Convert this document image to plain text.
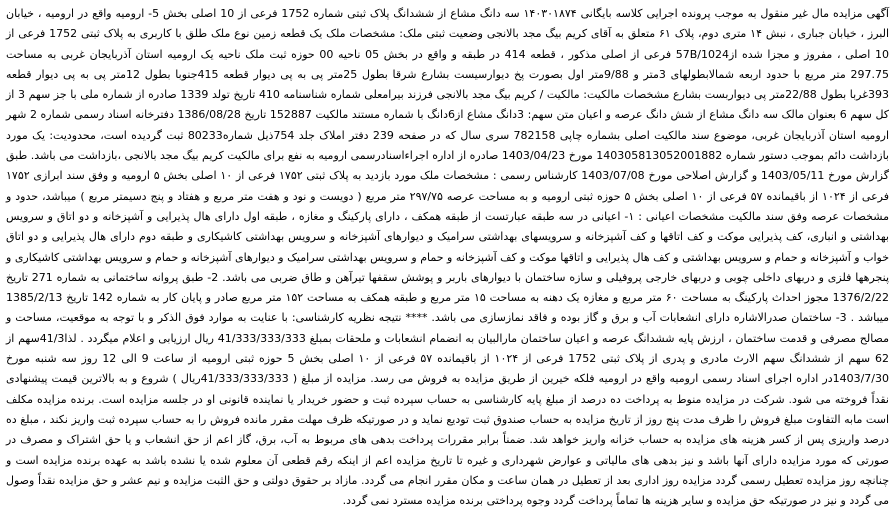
آگهی مزایده مال غیر منقول به موجب پرونده اجرایی کلاسه بایگانی ۱۴۰۳۰۱۸۷۴ سه دانگ مشاع از ششدانگ پلاک ثبتی شماره 1752 فرعی از 10 اصلی بخش 5- ارومیه واقع در ارومیه ، خیابان البرز ، خیابان جباری ، نبش ۱۴ متری دوم، پلاک ۶۱ متعلق به آقای کریم بیگ مجد بالانجی وضعیت ثبتی ملک: مشخصات ملک یک قطعه زمین نوع ملک طلق با کاربری به پلاک ثبتی 1752 فرعی از 10 اصلی ، مفروز و مجزا شده از57B/1024 فرعی از اصلی مذکور ، قطعه 414 در طبقه و واقع در بخش 05 ناحیه 00 حوزه ثبت ملک ناحیه یک ارومیه استان آذربایجان غربی به مساحت 297.75 متر مربع با حدود اربعه شمالابطولهای 3متر و 9/88متر اول بصورت پخ دیوارسیست بشارع شرقا بطول 25متر پی به پی دیوار قطعه 415جنوبا بطول 12متر پی به پی دیوار قطعه 393غربا بطول 22/88متر پی دیواربست بشارع مشخصات مالکیت: مالکیت / کریم بیگ مجد بالانجی فرزند بیرامعلی شماره شناسنامه 410 تاریخ تولد 1339 صادره از شماره ملی با جز سهم 3 از کل سهم 6 بعنوان مالک سه دانگ مشاع از شش دانگ عرصه و اعیان متن سهم: 3دانگ مشاع از6دانگ با شماره مستند مالکیت 152887 تاریخ 1386/08/28 دفترخانه اسناد رسمی شماره 2 شهر ارومیه استان آذربایجان غربی، موضوع سند مالکیت اصلی بشماره چاپی 782158 سری سال که در صفحه 239 دفتر املاک جلد 754ذیل شماره80233 ثبت گردیده است، محدودیت: یک مورد بازداشت دائم بموجب دستور شماره 140305813052001882 مورخ 1403/04/23 صادره از اداره اجراءاسنادرسمی ارومیه به نفع برای مالکیت کریم بیگ مجد بالانجی ،بازداشت می باشد. طبق گزارش مورخ 1403/05/11 و گزارش اصلاحی مورخ 1403/07/08 کارشناس رسمی : مشخصات ملک مورد بازدید به پلاک ثبتی ۱۷۵۲ فرعی از ۱۰ اصلی بخش ۵ ارومیه و وفق سند ابرازی ۱۷۵۲ فرعی از ۱۰۲۴ از باقیمانده ۵۷ فرعی از ۱۰ اصلی بخش ۵ حوزه ثبتی ارومیه و به مساحت عرصه ۲۹۷/۷۵ متر مربع ( دویست و نود و هفت متر مربع و هفتاد و پنج دسیمتر مربع ) میباشد، حدود و مشخصات عرصه وفق سند مالکیت مشخصات اعیانی : ۱- اعیانی در سه طبقه عبارتست از طبقه همکف ، دارای پارکینگ و مغازه ، طبقه اول دارای هال پذیرایی و آشپزخانه و دو اتاق و سرویس بهداشتی و انباری، کف پذیرایی موکت و کف اتاقها و کف آشپزخانه و سرویسهای بهداشتی سرامیک و دیوارهای آشپزخانه و سرویس بهداشتی کاشیکاری و طبقه دوم دارای هال پذیرایی و دو اتاق خواب و آشپزخانه و حمام و سرویس بهداشتی و کف هال پذیرایی و اتاقها موکت و کف آشپزخانه و حمام و سرویس بهداشتی سرامیک و دیوارهای آشپزخانه و حمام و سرویس بهداشتی کاشیکاری و پنجرهها فلزی و دربهای داخلی چوبی و دربهای خارجی پروفیلی و سازه ساختمان با دیوارهای باربر و پوشش سقفها تیرآهن و طاق ضربی می باشد. 2- طبق پروانه ساختمانی به شماره 271 تاریخ 1376/2/22 مجوز احداث پارکینگ به مساحت ۶۰ متر مربع و مغازه یک دهنه به مساحت ۱۵ متر مربع و طبقه همکف به مساحت ۱۵۲ متر مربع صادر و پایان کار به شماره 142 تاریخ 1385/2/13 میباشد . 3- ساختمان صدرالاشاره دارای انشعابات آب و برق و گاز بوده و فاقد نمازسازی می باشد. **** نتیجه نظریه کارشناسی: با عنایت به موارد فوق الذکر و با توجه به موقعیت، مساحت و مصالح مصرفی و قدمت ساختمان ، ارزش پایه ششدانگ عرصه و اعیان ساختمان مارالبیان به انضمام انشعابات و ملحقات بمبلغ 41/333/333/333 ریال ارزیابی و اعلام میگردد . لذا41/3سهم از 62 سهم از ششدانگ سهم الارث مادری و پدری از پلاک ثبتی 1752 فرعی از ۱۰۲۴ از باقیمانده ۵۷ فرعی از ۱۰ اصلی بخش 5 حوزه ثبتی ارومیه از ساعت 9 الی 12 روز سه شنبه مورخ 1403/7/30در اداره اجرای اسناد رسمی ارومیه واقع در ارومیه فلکه خیرین از طریق مزایده به فروش می رسد. مزایده از مبلغ ( 41/333/333/333ریال ) شروع و به بالاترین قیمت پیشنهادی نقداً فروخته می شود. شرکت در مزایده منوط به پرداخت ده درصد از مبلغ پایه کارشناسی به حساب سپرده ثبت و حضور خریدار یا نماینده قانونی او در جلسه مزایده است. برنده مزایده مکلف است مابه التفاوت مبلغ فروش را ظرف مدت پنج روز از تاریخ مزایده به حساب صندوق ثبت تودیع نماید و در صورتیکه ظرف مهلت مقرر مانده فروش را به حساب سپرده ثبت واریز نکند ، مبلغ ده درصد واریزی پس از کسر هزینه های مزایده به حساب خزانه واریز خواهد شد. ضمناً برابر مقررات پرداخت بدهی های مربوط به آب، برق، گاز اعم از حق انشعاب و یا حق اشتراک و مصرف در صورتی که مورد مزایده دارای آنها باشد و نیز بدهی های مالیاتی و عوارض شهرداری و غیره تا تاریخ مزایده اعم از اینکه رقم قطعی آن معلوم شده یا نشده باشد به عهده برنده مزایده است و چنانچه روز مزایده تعطیل رسمی گردد مزایده روز اداری بعد از تعطیل در همان ساعت و مکان مقرر انجام می گردد. مازاد بر حقوق دولتی و حق الثبت مزایده و نیم عشر و حق مزایده نقداً وصول می گردد و نیز در صورتیکه حق مزایده و سایر هزینه ها تماماً پرداخت گردد وجوه پرداختی برنده مزایده مسترد نمی گردد.
